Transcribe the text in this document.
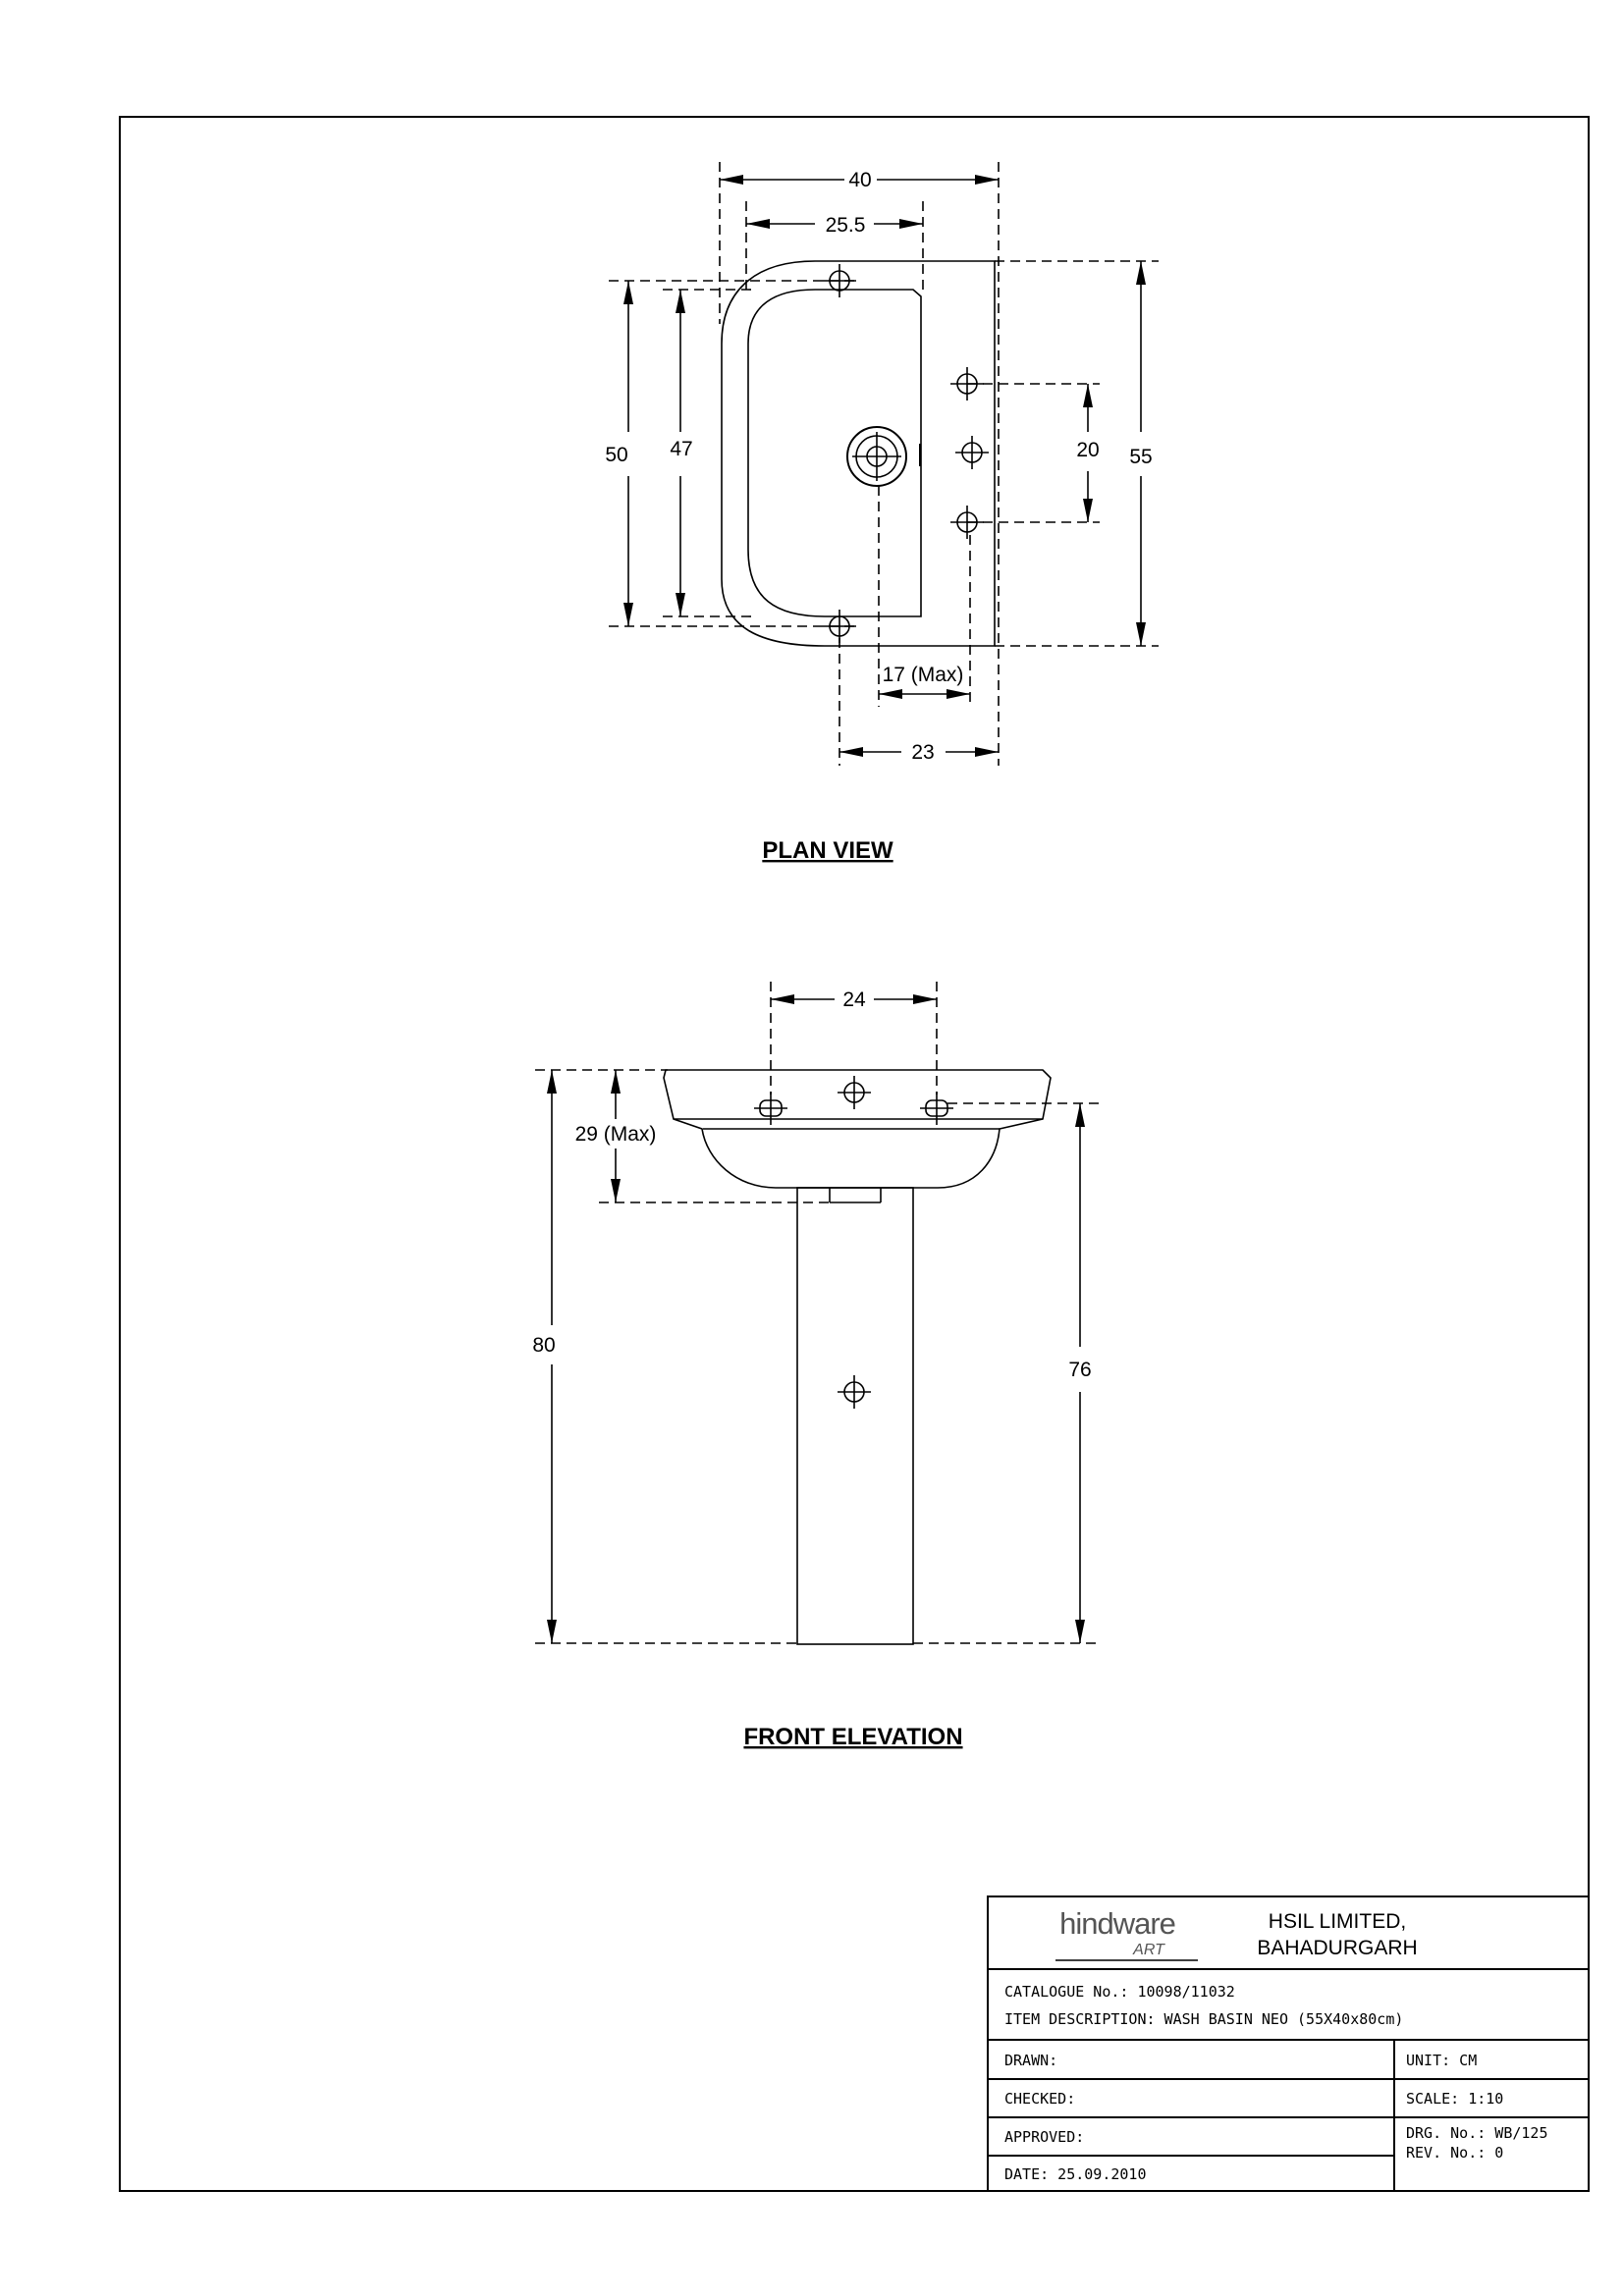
40
25.5
50 47	20 55
17 (Max)
23
PLAN VIEW
24
29 (Max)
80
76
FRONT ELEVATION
hindware
ART
HSIL LIMITED,
BAHADURGARH
CATALOGUE No.: 10098/11032
ITEM DESCRIPTION: WASH BASIN NEO (55X40x80cm)
DRAWN:	UNIT: CM
CHECKED:	SCALE: 1:10
APPROVED:	DRG. No.: WB/125
REV. No.: 0
DATE: 25.09.2010
